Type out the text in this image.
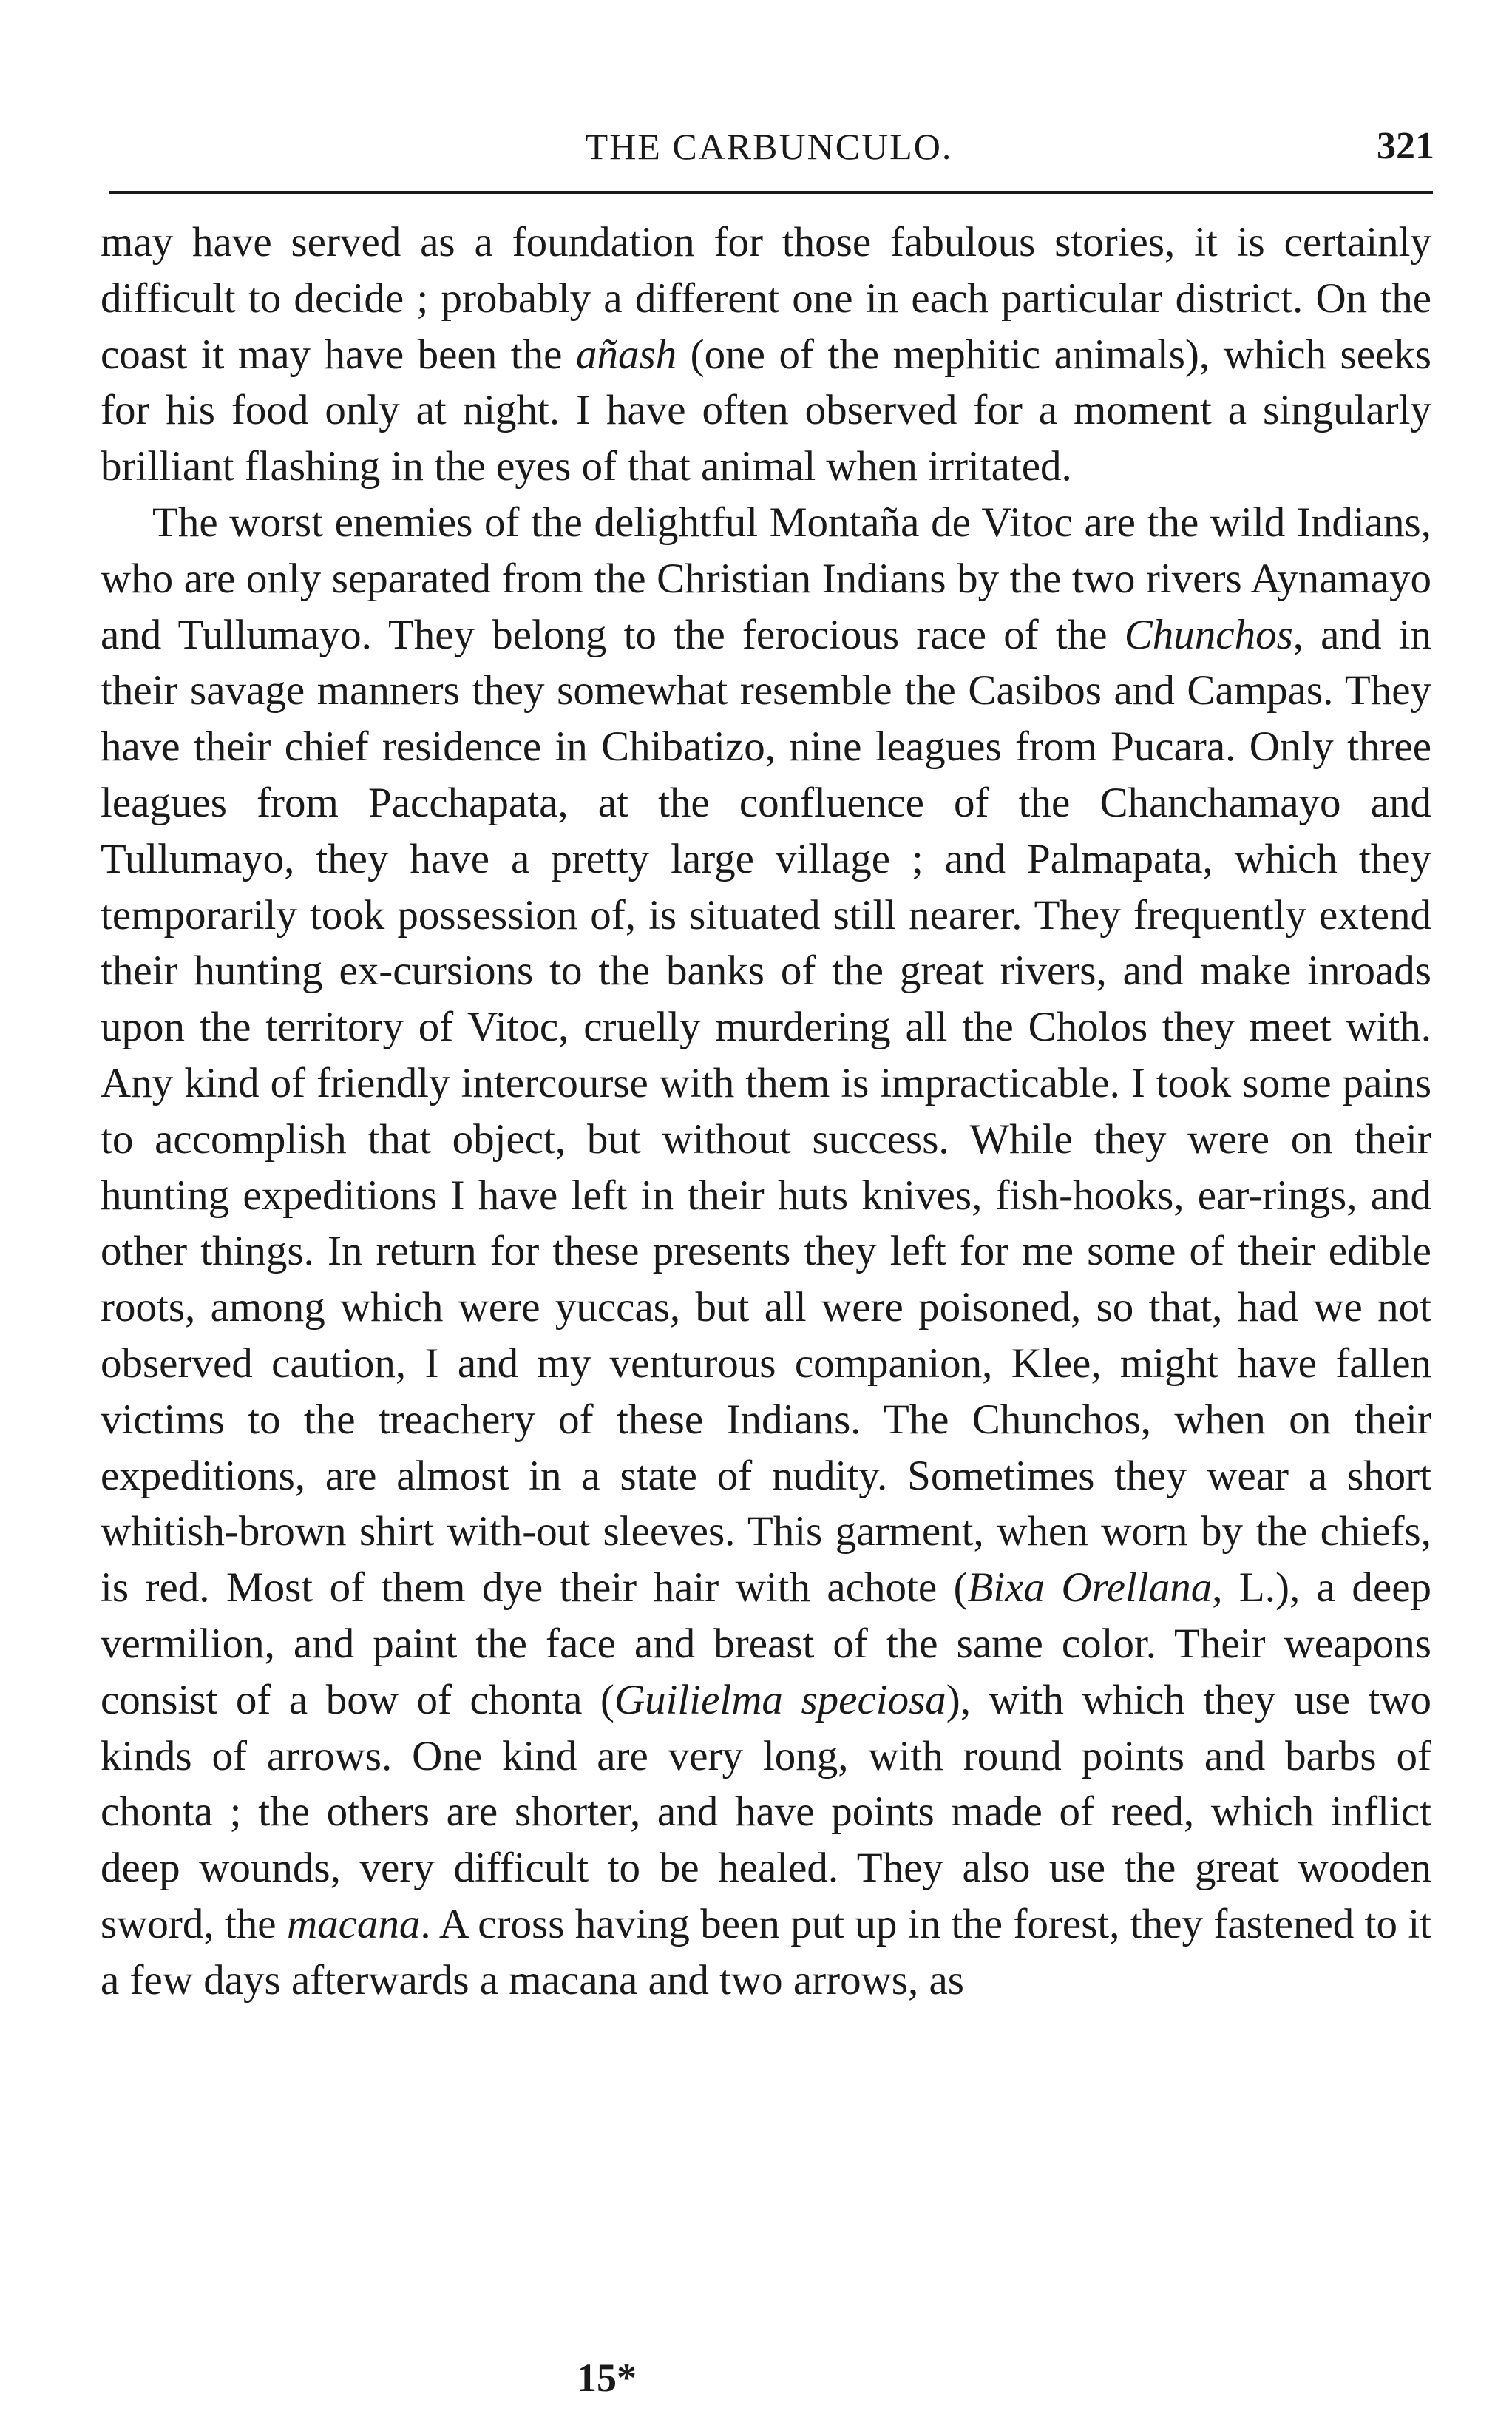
THE CARBUNCULO.	321

may have served as a foundation for those fabulous stories, it is certainly difficult to decide ; probably a different one in each particular district. On the coast it may have been the añash (one of the mephitic animals), which seeks for his food only at night. I have often observed for a moment a singularly brilliant flashing in the eyes of that animal when irritated.

The worst enemies of the delightful Montaña de Vitoc are the wild Indians, who are only separated from the Christian Indians by the two rivers Aynamayo and Tullumayo. They belong to the ferocious race of the Chunchos, and in their savage manners they somewhat resemble the Casibos and Campas. They have their chief residence in Chibatizo, nine leagues from Pucara. Only three leagues from Pacchapata, at the confluence of the Chanchamayo and Tullumayo, they have a pretty large village ; and Palmapata, which they temporarily took possession of, is situated still nearer. They frequently extend their hunting ex-cursions to the banks of the great rivers, and make inroads upon the territory of Vitoc, cruelly murdering all the Cholos they meet with. Any kind of friendly intercourse with them is impracticable. I took some pains to accomplish that object, but without success. While they were on their hunting expeditions I have left in their huts knives, fish-hooks, ear-rings, and other things. In return for these presents they left for me some of their edible roots, among which were yuccas, but all were poisoned, so that, had we not observed caution, I and my venturous companion, Klee, might have fallen victims to the treachery of these Indians. The Chunchos, when on their expeditions, are almost in a state of nudity. Sometimes they wear a short whitish-brown shirt with-out sleeves. This garment, when worn by the chiefs, is red. Most of them dye their hair with achote (Bixa Orellana, L.), a deep vermilion, and paint the face and breast of the same color. Their weapons consist of a bow of chonta (Guilielma speciosa), with which they use two kinds of arrows. One kind are very long, with round points and barbs of chonta ; the others are shorter, and have points made of reed, which inflict deep wounds, very difficult to be healed. They also use the great wooden sword, the macana. A cross having been put up in the forest, they fastened to it a few days afterwards a macana and two arrows, as

15*
